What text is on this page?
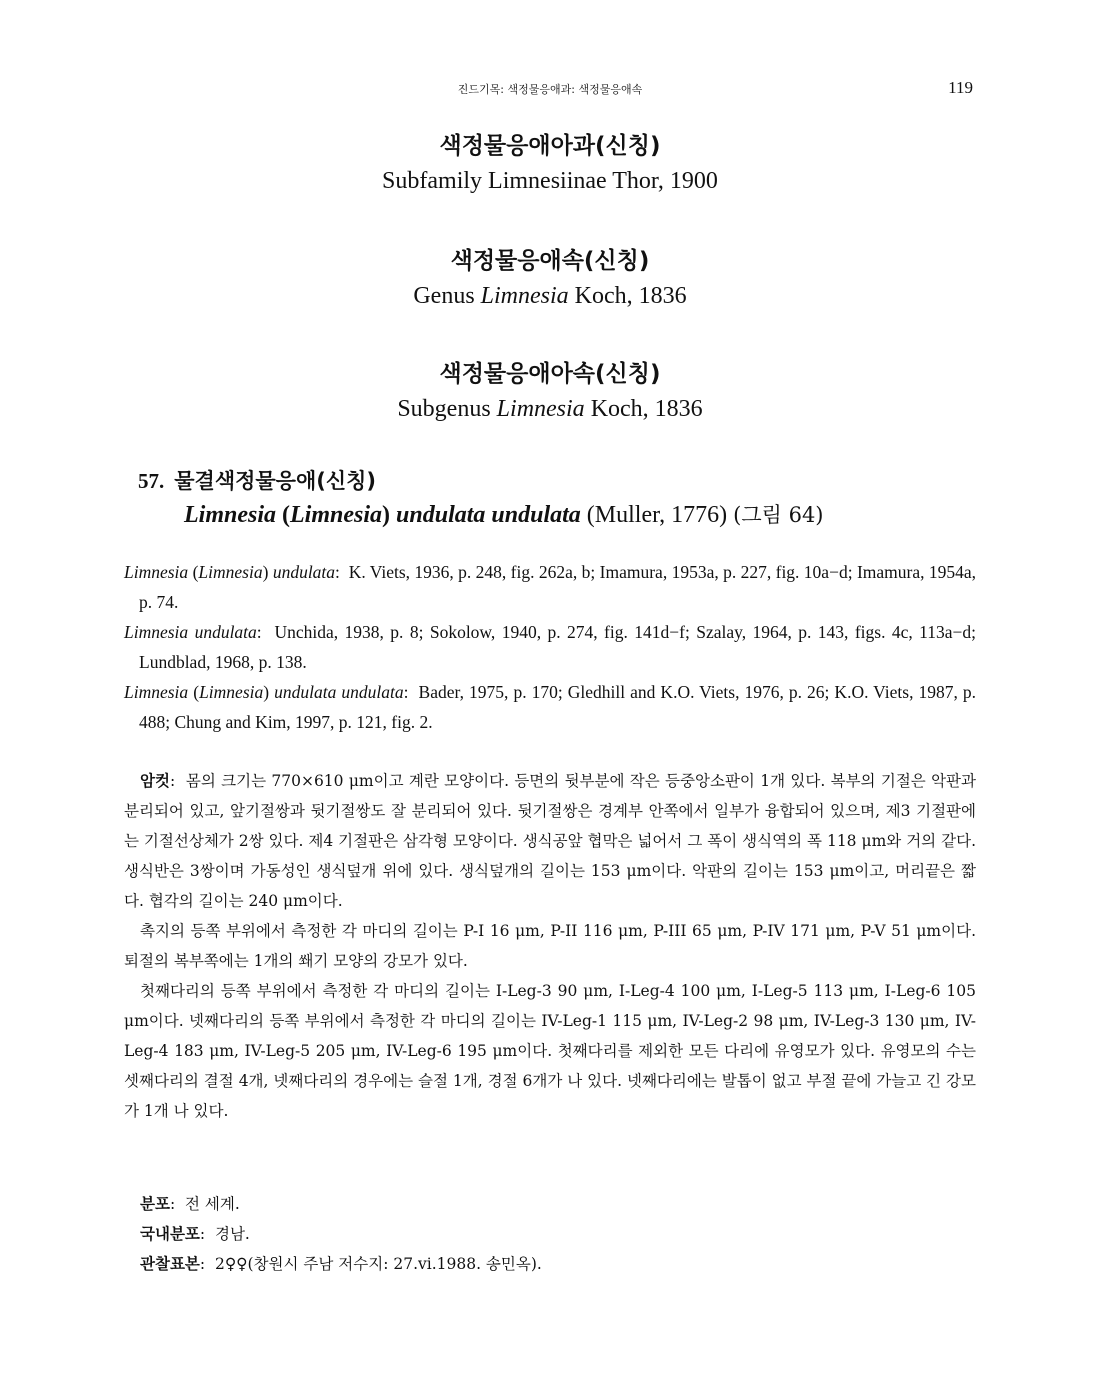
진드기목: 색정물응애과: 색정물응애속	119
색정물응애아과(신칭)
Subfamily Limnesiinae Thor, 1900
색정물응애속(신칭)
Genus Limnesia Koch, 1836
색정물응애아속(신칭)
Subgenus Limnesia Koch, 1836
57. 물결색정물응애(신칭)
Limnesia (Limnesia) undulata undulata (Muller, 1776) (그림 64)
Limnesia (Limnesia) undulata:  K. Viets, 1936, p. 248, fig. 262a, b; Imamura, 1953a, p. 227, fig. 10a−d; Imamura, 1954a, p. 74.
Limnesia undulata:  Unchida, 1938, p. 8; Sokolow, 1940, p. 274, fig. 141d−f; Szalay, 1964, p. 143, figs. 4c, 113a−d; Lundblad, 1968, p. 138.
Limnesia (Limnesia) undulata undulata:  Bader, 1975, p. 170; Gledhill and K.O. Viets, 1976, p. 26; K.O. Viets, 1987, p. 488; Chung and Kim, 1997, p. 121, fig. 2.

암컷:  몸의 크기는 770×610 μm이고 계란 모양이다. 등면의 뒷부분에 작은 등중앙소판이 1개 있다. 복부의 기절은 악판과 분리되어 있고, 앞기절쌍과 뒷기절쌍도 잘 분리되어 있다. 뒷기절쌍은 경계부 안쪽에서 일부가 융합되어 있으며, 제3 기절판에는 기절선상체가 2쌍 있다. 제4 기절판은 삼각형 모양이다. 생식공앞 협막은 넓어서 그 폭이 생식역의 폭 118 μm와 거의 같다. 생식반은 3쌍이며 가동성인 생식덮개 위에 있다. 생식덮개의 길이는 153 μm이다. 악판의 길이는 153 μm이고, 머리끝은 짧다. 협각의 길이는 240 μm이다.

촉지의 등쪽 부위에서 측정한 각 마디의 길이는 P-I 16 μm, P-II 116 μm, P-III 65 μm, P-IV 171 μm, P-V 51 μm이다. 퇴절의 복부쪽에는 1개의 쐐기 모양의 강모가 있다.

첫째다리의 등쪽 부위에서 측정한 각 마디의 길이는 I-Leg-3 90 μm, I-Leg-4 100 μm, I-Leg-5 113 μm, I-Leg-6 105 μm이다. 넷째다리의 등쪽 부위에서 측정한 각 마디의 길이는 IV-Leg-1 115 μm, IV-Leg-2 98 μm, IV-Leg-3 130 μm, IV-Leg-4 183 μm, IV-Leg-5 205 μm, IV-Leg-6 195 μm이다. 첫째다리를 제외한 모든 다리에 유영모가 있다. 유영모의 수는 셋째다리의 결절 4개, 넷째다리의 경우에는 슬절 1개, 경절 6개가 나 있다. 넷째다리에는 발톱이 없고 부절 끝에 가늘고 긴 강모가 1개 나 있다.

분포:  전 세계.
국내분포:  경남.
관찰표본:  2♀♀(창원시 주남 저수지: 27.vi.1988. 송민옥).
